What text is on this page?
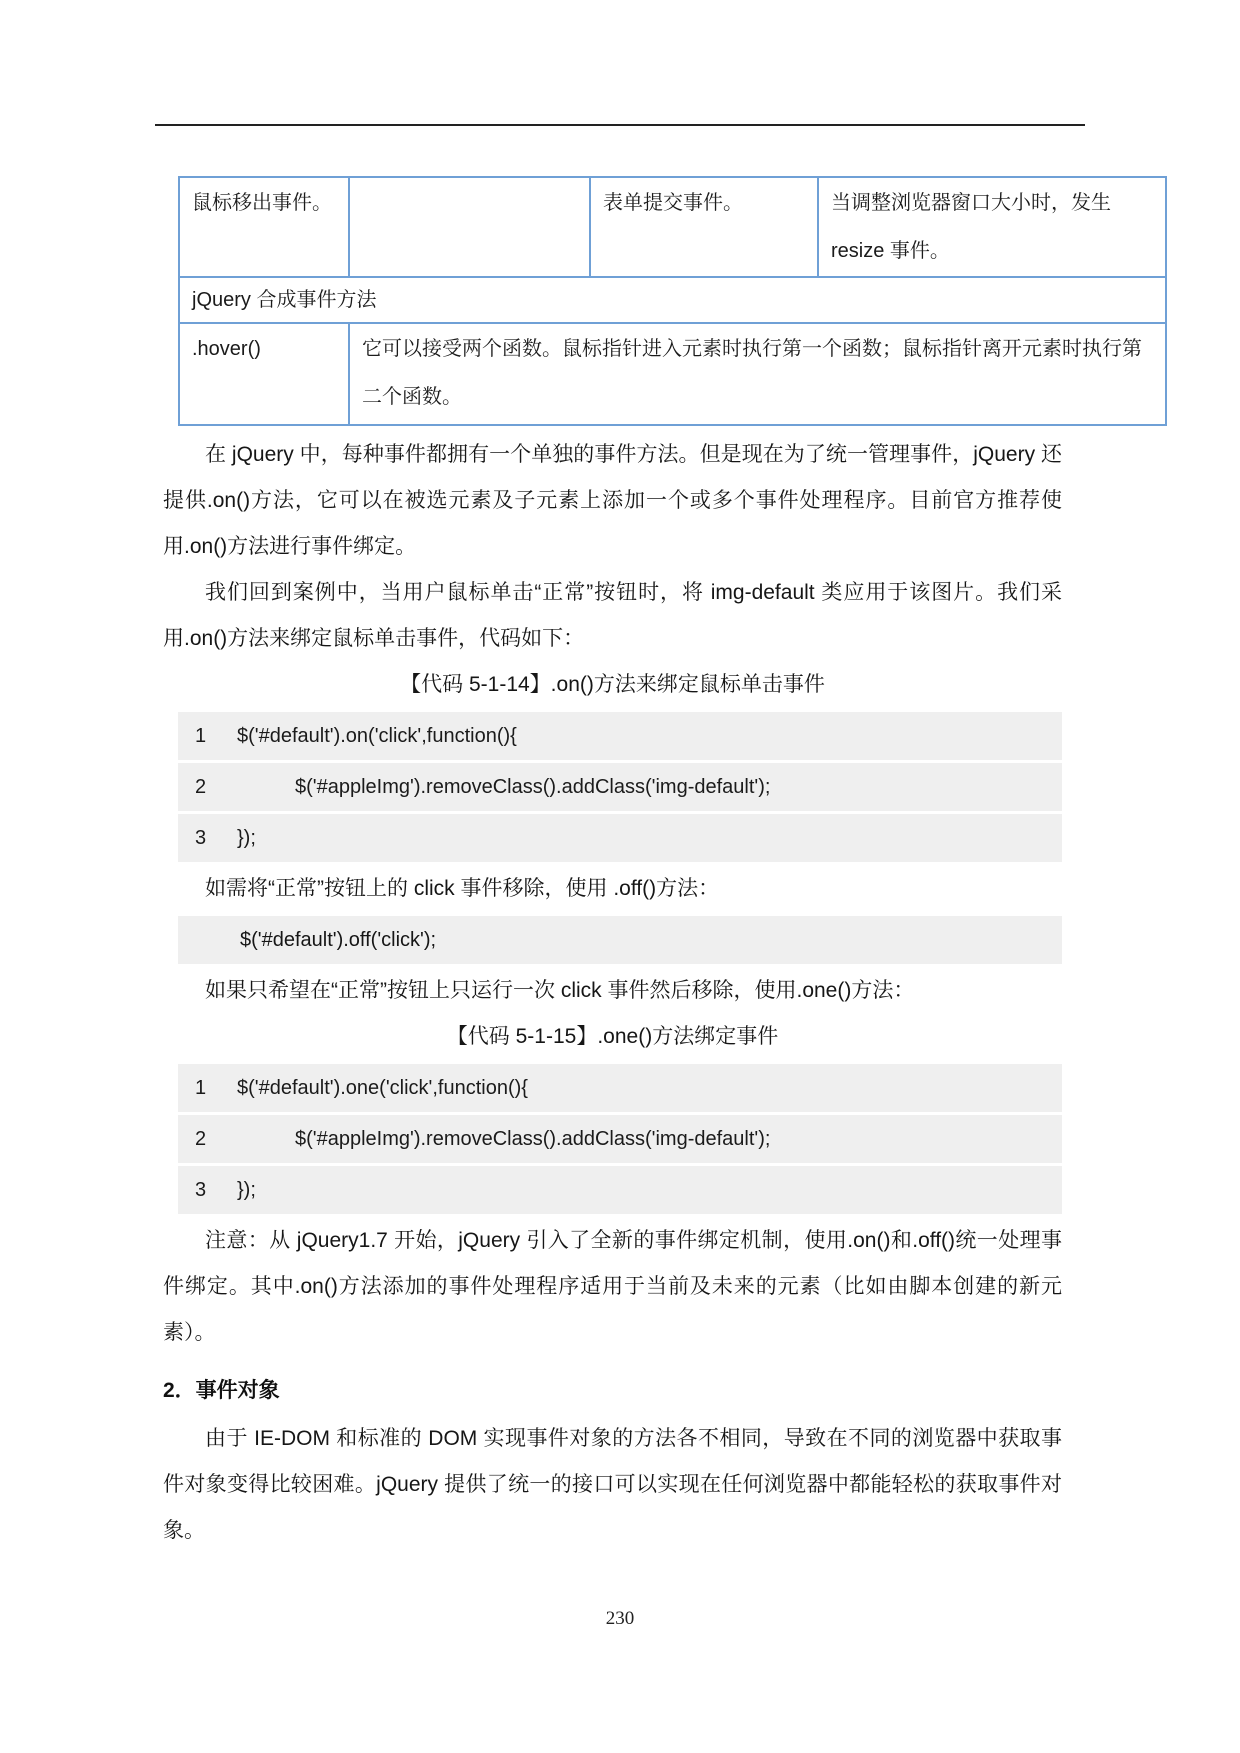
鼠标移出事件。		表单提交事件。	当调整浏览器窗口大小时，发生 resize 事件。
jQuery 合成事件方法			
.hover()	它可以接受两个函数。鼠标指针进入元素时执行第一个函数；鼠标指针离开元素时执行第二个函数。		

在 jQuery 中，每种事件都拥有一个单独的事件方法。但是现在为了统一管理事件，jQuery 还提供.on()方法，它可以在被选元素及子元素上添加一个或多个事件处理程序。目前官方推荐使用.on()方法进行事件绑定。

我们回到案例中，当用户鼠标单击“正常”按钮时，将 img-default 类应用于该图片。我们采用.on()方法来绑定鼠标单击事件，代码如下：

【代码 5-1-14】.on()方法来绑定鼠标单击事件

1	$('#default').on('click',function(){
2	$('#appleImg').removeClass().addClass('img-default');
3	});

如需将“正常”按钮上的 click 事件移除，使用 .off()方法：

$('#default').off('click');

如果只希望在“正常”按钮上只运行一次 click 事件然后移除，使用.one()方法：

【代码 5-1-15】.one()方法绑定事件

1	$('#default').one('click',function(){
2	$('#appleImg').removeClass().addClass('img-default');
3	});

注意：从 jQuery1.7 开始，jQuery 引入了全新的事件绑定机制，使用.on()和.off()统一处理事件绑定。其中.on()方法添加的事件处理程序适用于当前及未来的元素（比如由脚本创建的新元素）。

2．事件对象

由于 IE-DOM 和标准的 DOM 实现事件对象的方法各不相同，导致在不同的浏览器中获取事件对象变得比较困难。jQuery 提供了统一的接口可以实现在任何浏览器中都能轻松的获取事件对象。

230
